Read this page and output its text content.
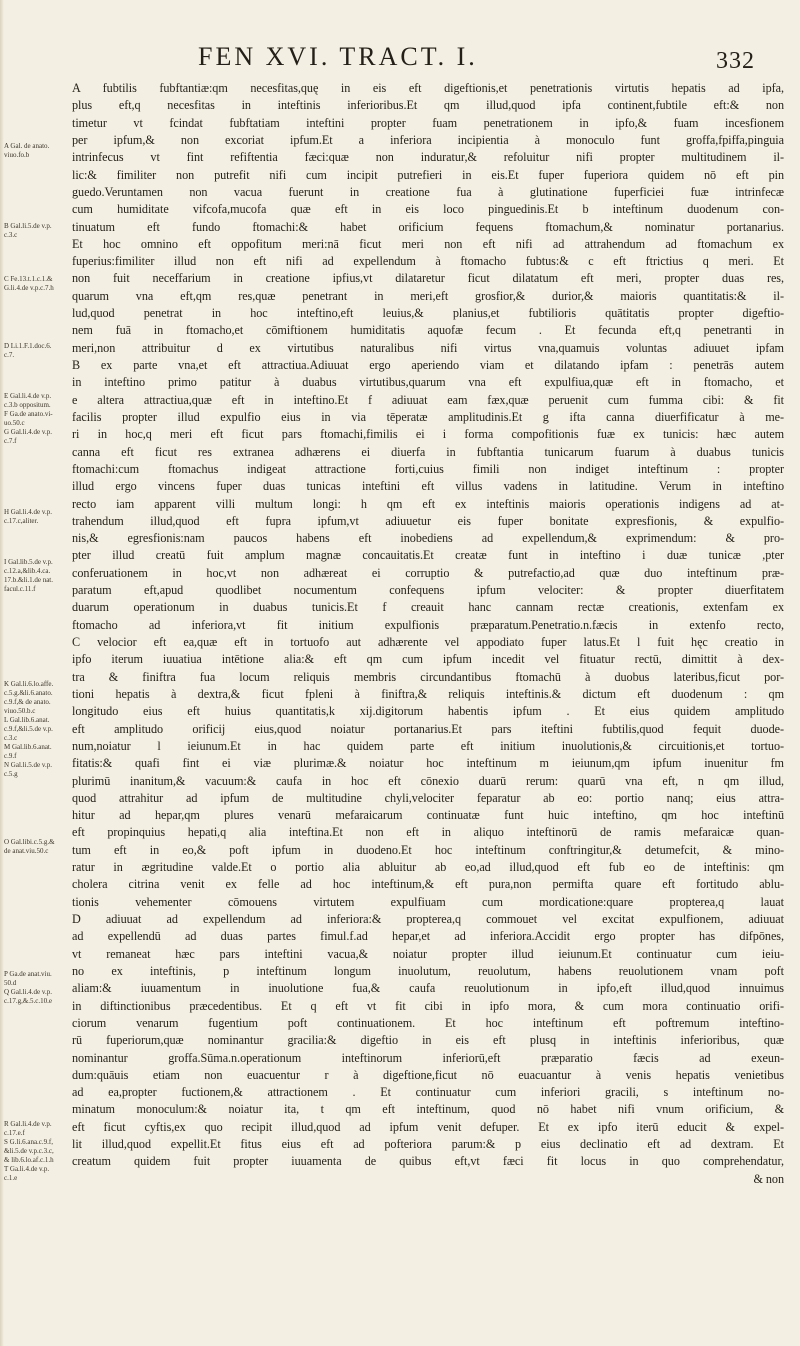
FEN XVI. TRACT. I.	332
A Gal. de anato.
viuo.fo.b
B Gal.li.5.de v.p.
c.3.c
C Fe.13.t.1.c.1.&
G.li.4.de v.p.c.7.h
D Li.1.F.1.doc.6.
c.7.
E Gal.li.4.de v.p.
c.3.b oppositum.
F Ga.de anato.vi-
uo.50.c
G Gal.li.4.de v.p.
c.7.f
H Gal.li.4.de v.p.
c.17.c,aliter.
I Gal.lib.5.de v.p.
c.12.a,&lib.4.ca.
17.b.&li.1.de nat.
facul.c.11.f
K Gal.li.6.lo.affe.
c.5.g.&li.6.anato.
c.9.f,& de anato.
viuo.50.b.c
L Gal.lib.6.anat.
c.9.f,&li.5.de v.p.
c.3.c
M Gal.lib.6.anat.
c.9.f
N Gal.li.5.de v.p.
c.5.g
O Gal.libi.c.5.g.&
de anat.viu.50.c
P Ga.de anat.viu.
50.d
Q Gal.li.4.de v.p.
c.17.g,&.5.c.10.e
R Gal.li.4.de v.p.
c.17.e.f
S G.li.6.ana.c.9.f,
&li.5.de v.p.c.3.c,
& lib.6.lo.af.c.1.h
T Ga.li.4.de v.p.
c.1.e
A fubtilis fubftantiæ:qm necesfitas,quę in eis eft digeftionis,et penetrationis virtutis hepatis ad ipfa,
plus eft,q necesfitas in inteftinis inferioribus.Et qm illud,quod ipfa continent,fubtile eft:& non
timetur vt fcindat fubftatiam inteftini propter fuam penetrationem in ipfo,& fuam incesfionem
per ipfum,& non excoriat ipfum.Et a inferiora incipientia à monoculo funt groffa,fpiffa,pinguia
intrinfecus vt fint refiftentia fæci:quæ non induratur,& refoluitur nifi propter multitudinem il-
lic:& fimiliter non putrefit nifi cum incipit putrefieri in eis.Et fuper fuperiora quidem nō eft pin
guedo.Veruntamen non vacua fuerunt in creatione fua à glutinatione fuperficiei fuæ intrinfecæ
cum humiditate vifcofa,mucofa quæ eft in eis loco pinguedinis.Et b inteftinum duodenum con-
tinuatum eft fundo ftomachi:& habet orificium fequens ftomachum,& nominatur portanarius.
Et hoc omnino eft oppofitum meri:nā ficut meri non eft nifi ad attrahendum ad ftomachum ex
fuperius:fimiliter illud non eft nifi ad expellendum à ftomacho fubtus:& c eft ftrictius q meri. Et
non fuit neceffarium in creatione ipfius,vt dilataretur ficut dilatatum eft meri, propter duas res,
quarum vna eft,qm res,quæ penetrant in meri,eft grosfior,& durior,& maioris quantitatis:& il-
lud,quod penetrat in hoc inteftino,eft leuius,& planius,et fubtilioris quātitatis propter digeftio-
nem fuā in ftomacho,et cōmiftionem humiditatis aquofæ fecum . Et fecunda eft,q penetranti in
meri,non attribuitur d ex virtutibus naturalibus nifi virtus vna,quamuis voluntas adiuuet ipfam
B ex parte vna,et eft attractiua.Adiuuat ergo aperiendo viam et dilatando ipfam : penetrās autem
in inteftino primo patitur à duabus virtutibus,quarum vna eft expulfiua,quæ eft in ftomacho, et
e altera attractiua,quæ eft in inteftino.Et f adiuuat eam fæx,quæ peruenit cum fumma cibi: & fit
facilis propter illud expulfio eius in via tēperatæ amplitudinis.Et g ifta canna diuerfificatur à me-
ri in hoc,q meri eft ficut pars ftomachi,fimilis ei i forma compofitionis fuæ ex tunicis: hæc autem
canna eft ficut res extranea adhærens ei diuerfa in fubftantia tunicarum fuarum à duabus tunicis
ftomachi:cum ftomachus indigeat attractione forti,cuius fimili non indiget inteftinum : propter
illud ergo vincens fuper duas tunicas inteftini eft villus vadens in latitudine. Verum in inteftino
recto iam apparent villi multum longi: h qm eft ex inteftinis maioris operationis indigens ad at-
trahendum illud,quod eft fupra ipfum,vt adiuuetur eis fuper bonitate expresfionis, & expulfio-
nis,& egresfionis:nam paucos habens eft inobediens ad expellendum,& exprimendum: & pro-
pter illud creatū fuit amplum magnæ concauitatis.Et creatæ funt in inteftino i duæ tunicæ ,pter
conferuationem in hoc,vt non adhæreat ei corruptio & putrefactio,ad quæ duo inteftinum præ-
paratum eft,apud quodlibet nocumentum confequens ipfum velociter: & propter diuerfitatem
duarum operationum in duabus tunicis.Et f creauit hanc cannam rectæ creationis, extenfam ex
ftomacho ad inferiora,vt fit initium expulfionis præparatum.Penetratio.n.fæcis in extenfo recto,
C velocior eft ea,quæ eft in tortuofo aut adhærente vel appodiato fuper latus.Et l fuit hęc creatio in
ipfo iterum iuuatiua intētione alia:& eft qm cum ipfum incedit vel fituatur rectū, dimittit à dex-
tra & finiftra fua locum reliquis membris circundantibus ftomachū à duobus lateribus,ficut por-
tioni hepatis à dextra,& ficut fpleni à finiftra,& reliquis inteftinis.& dictum eft duodenum : qm
longitudo eius eft huius quantitatis,k xij.digitorum habentis ipfum . Et eius quidem amplitudo
eft amplitudo orificij eius,quod noiatur portanarius.Et pars iteftini fubtilis,quod fequit duode-
num,noiatur l ieiunum.Et in hac quidem parte eft initium inuolutionis,& circuitionis,et tortuo-
fitatis:& quafi fint ei viæ plurimæ.& noiatur hoc inteftinum m ieiunum,qm ipfum inuenitur fm
plurimū inanitum,& vacuum:& caufa in hoc eft cōnexio duarū rerum: quarū vna eft, n qm illud,
quod attrahitur ad ipfum de multitudine chyli,velociter feparatur ab eo: portio nanq; eius attra-
hitur ad hepar,qm plures venarū mefaraicarum continuatæ funt huic inteftino, qm hoc inteftinū
eft propinquius hepati,q alia inteftina.Et non eft in aliquo inteftinorū de ramis mefaraicæ quan-
tum eft in eo,& poft ipfum in duodeno.Et hoc inteftinum conftringitur,& detumefcit, & mino-
ratur in ægritudine valde.Et o portio alia abluitur ab eo,ad illud,quod eft fub eo de inteftinis: qm
cholera citrina venit ex felle ad hoc inteftinum,& eft pura,non permifta quare eft fortitudo ablu-
tionis vehementer cōmouens virtutem expulfiuam cum mordicatione:quare propterea,q lauat
D adiuuat ad expellendum ad inferiora:& propterea,q commouet vel excitat expulfionem, adiuuat
ad expellendū ad duas partes fimul.f.ad hepar,et ad inferiora.Accidit ergo propter has difpōnes,
vt remaneat hæc pars inteftini vacua,& noiatur propter illud ieiunum.Et continuatur cum ieiu-
no ex inteftinis, p inteftinum longum inuolutum, reuolutum, habens reuolutionem vnam poft
aliam:& iuuamentum in inuolutione fua,& caufa reuolutionum in ipfo,eft illud,quod innuimus
in diftinctionibus præcedentibus. Et q eft vt fit cibi in ipfo mora, & cum mora continuatio orifi-
ciorum venarum fugentium poft continuationem. Et hoc inteftinum eft poftremum inteftino-
rū fuperiorum,quæ nominantur gracilia:& digeftio in eis eft plusq in inteftinis inferioribus, quæ
nominantur groffa.Sūma.n.operationum inteftinorum inferiorū,eft præparatio fæcis ad exeun-
dum:quāuis etiam non euacuentur r à digeftione,ficut nō euacuantur à venis hepatis venietibus
ad ea,propter fuctionem,& attractionem . Et continuatur cum inferiori gracili, s inteftinum no-
minatum monoculum:& noiatur ita, t qm eft inteftinum, quod nō habet nifi vnum orificium, &
eft ficut cyftis,ex quo recipit illud,quod ad ipfum venit defuper. Et ex ipfo iterū educit & expel-
lit illud,quod expellit.Et fitus eius eft ad pofteriora parum:& p eius declinatio eft ad dextram. Et
creatum quidem fuit propter iuuamenta de quibus eft,vt fæci fit locus in quo comprehendatur,
& non
